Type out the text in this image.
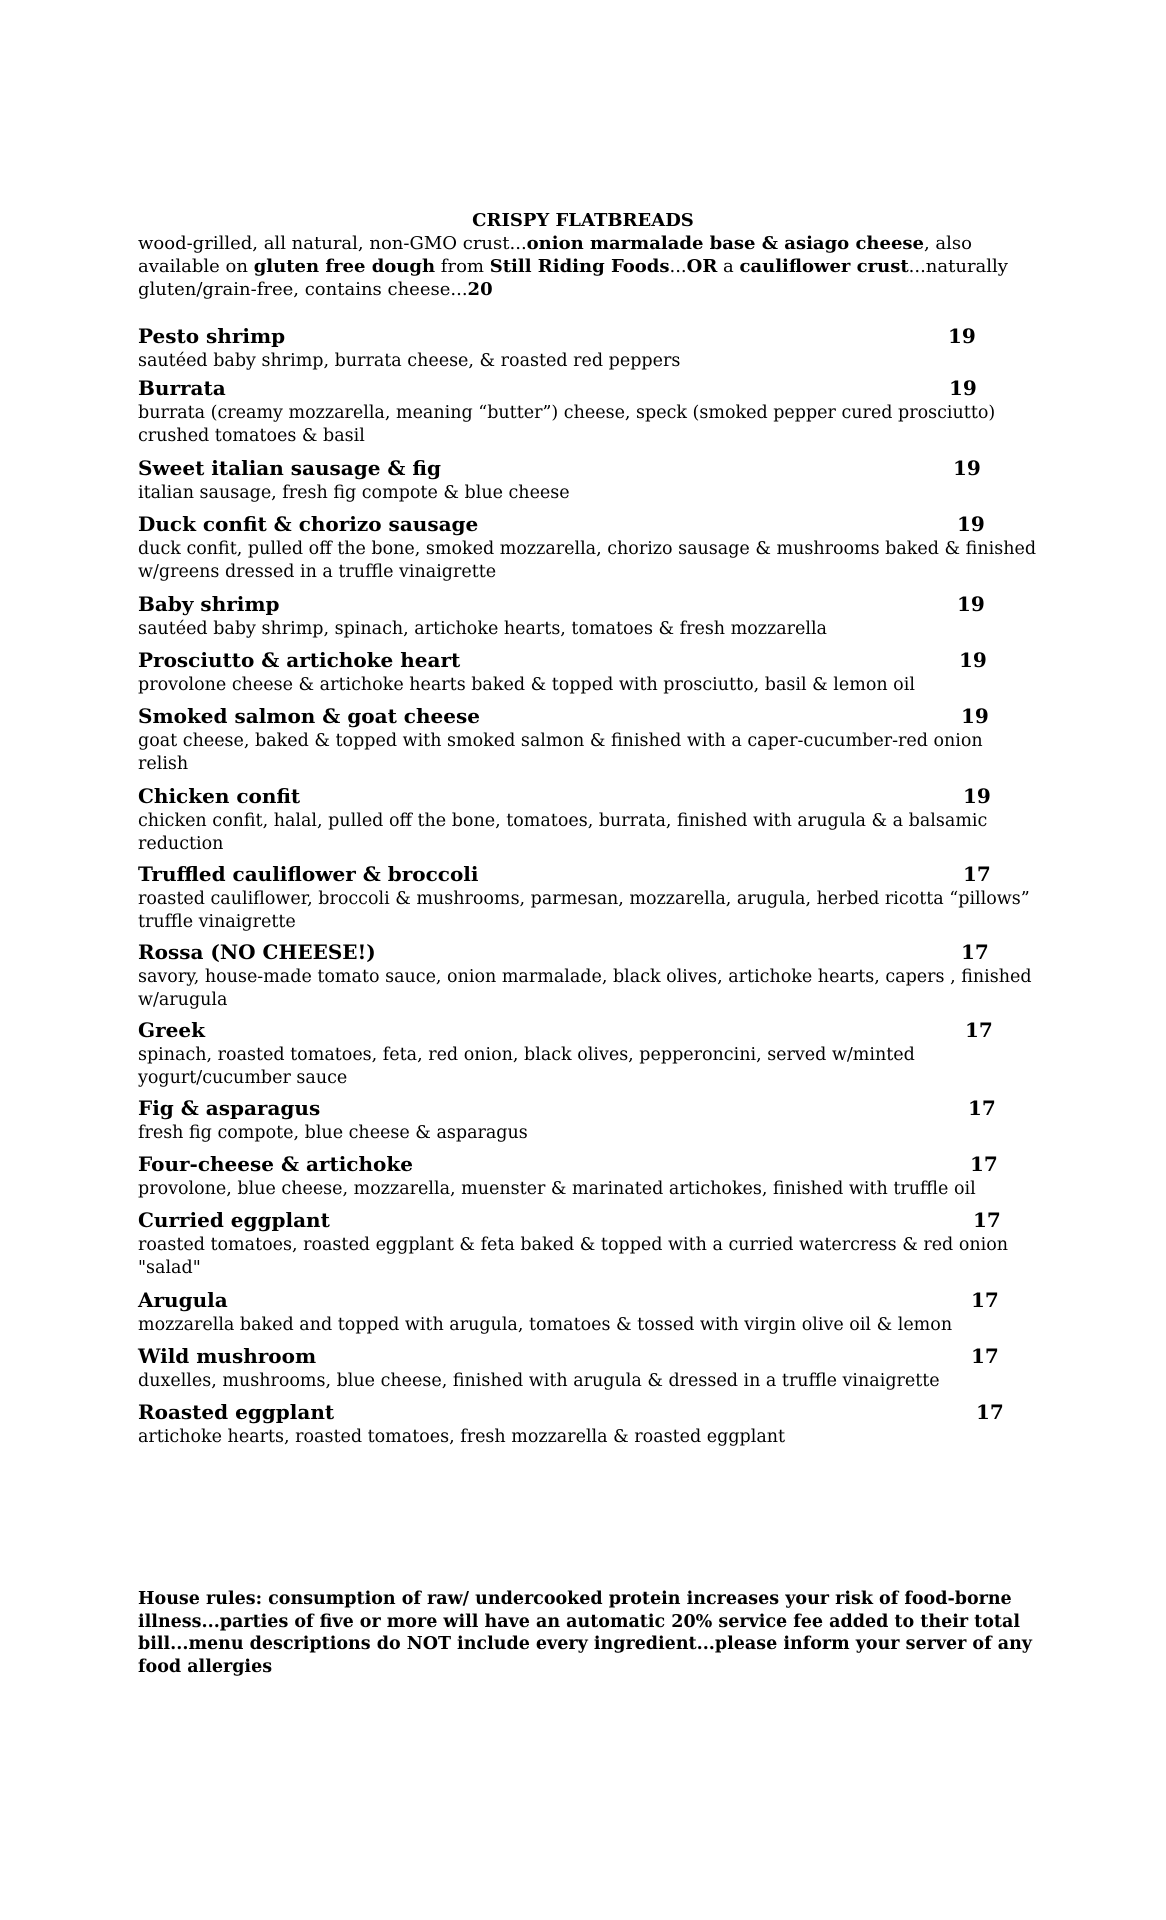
CRISPY FLATBREADS
wood-grilled, all natural, non-GMO crust...onion marmalade base & asiago cheese, also available on gluten free dough from Still Riding Foods...OR a cauliflower crust...naturally gluten/grain-free, contains cheese...20
Pesto shrimp	19
sautéed baby shrimp, burrata cheese, & roasted red peppers
Burrata	19
burrata (creamy mozzarella, meaning “butter”) cheese, speck (smoked pepper cured prosciutto) crushed tomatoes & basil
Sweet italian sausage & fig	19
italian sausage, fresh fig compote & blue cheese
Duck confit & chorizo sausage	19
duck confit, pulled off the bone, smoked mozzarella, chorizo sausage & mushrooms baked & finished w/greens dressed in a truffle vinaigrette
Baby shrimp	19
sautéed baby shrimp, spinach, artichoke hearts, tomatoes & fresh mozzarella
Prosciutto & artichoke heart	19
provolone cheese & artichoke hearts baked & topped with prosciutto, basil & lemon oil
Smoked salmon & goat cheese	19
goat cheese, baked & topped with smoked salmon & finished with a caper-cucumber-red onion relish
Chicken confit	19
chicken confit, halal, pulled off the bone, tomatoes, burrata, finished with arugula & a balsamic reduction
Truffled cauliflower & broccoli	17
roasted cauliflower, broccoli & mushrooms, parmesan, mozzarella, arugula, herbed ricotta “pillows” truffle vinaigrette
Rossa (NO CHEESE!)	17
savory, house-made tomato sauce, onion marmalade, black olives, artichoke hearts, capers , finished w/arugula
Greek	17
spinach, roasted tomatoes, feta, red onion, black olives, pepperoncini, served w/minted yogurt/cucumber sauce
Fig & asparagus	17
fresh fig compote, blue cheese & asparagus
Four-cheese & artichoke	17
provolone, blue cheese, mozzarella, muenster & marinated artichokes, finished with truffle oil
Curried eggplant	17
roasted tomatoes, roasted eggplant & feta baked & topped with a curried watercress & red onion "salad"
Arugula	17
mozzarella baked and topped with arugula, tomatoes & tossed with virgin olive oil & lemon
Wild mushroom	17
duxelles, mushrooms, blue cheese, finished with arugula & dressed in a truffle vinaigrette
Roasted eggplant	17
artichoke hearts, roasted tomatoes, fresh mozzarella & roasted eggplant
House rules: consumption of raw/ undercooked protein increases your risk of food-borne illness...parties of five or more will have an automatic 20% service fee added to their total bill...menu descriptions do NOT include every ingredient...please inform your server of any food allergies
